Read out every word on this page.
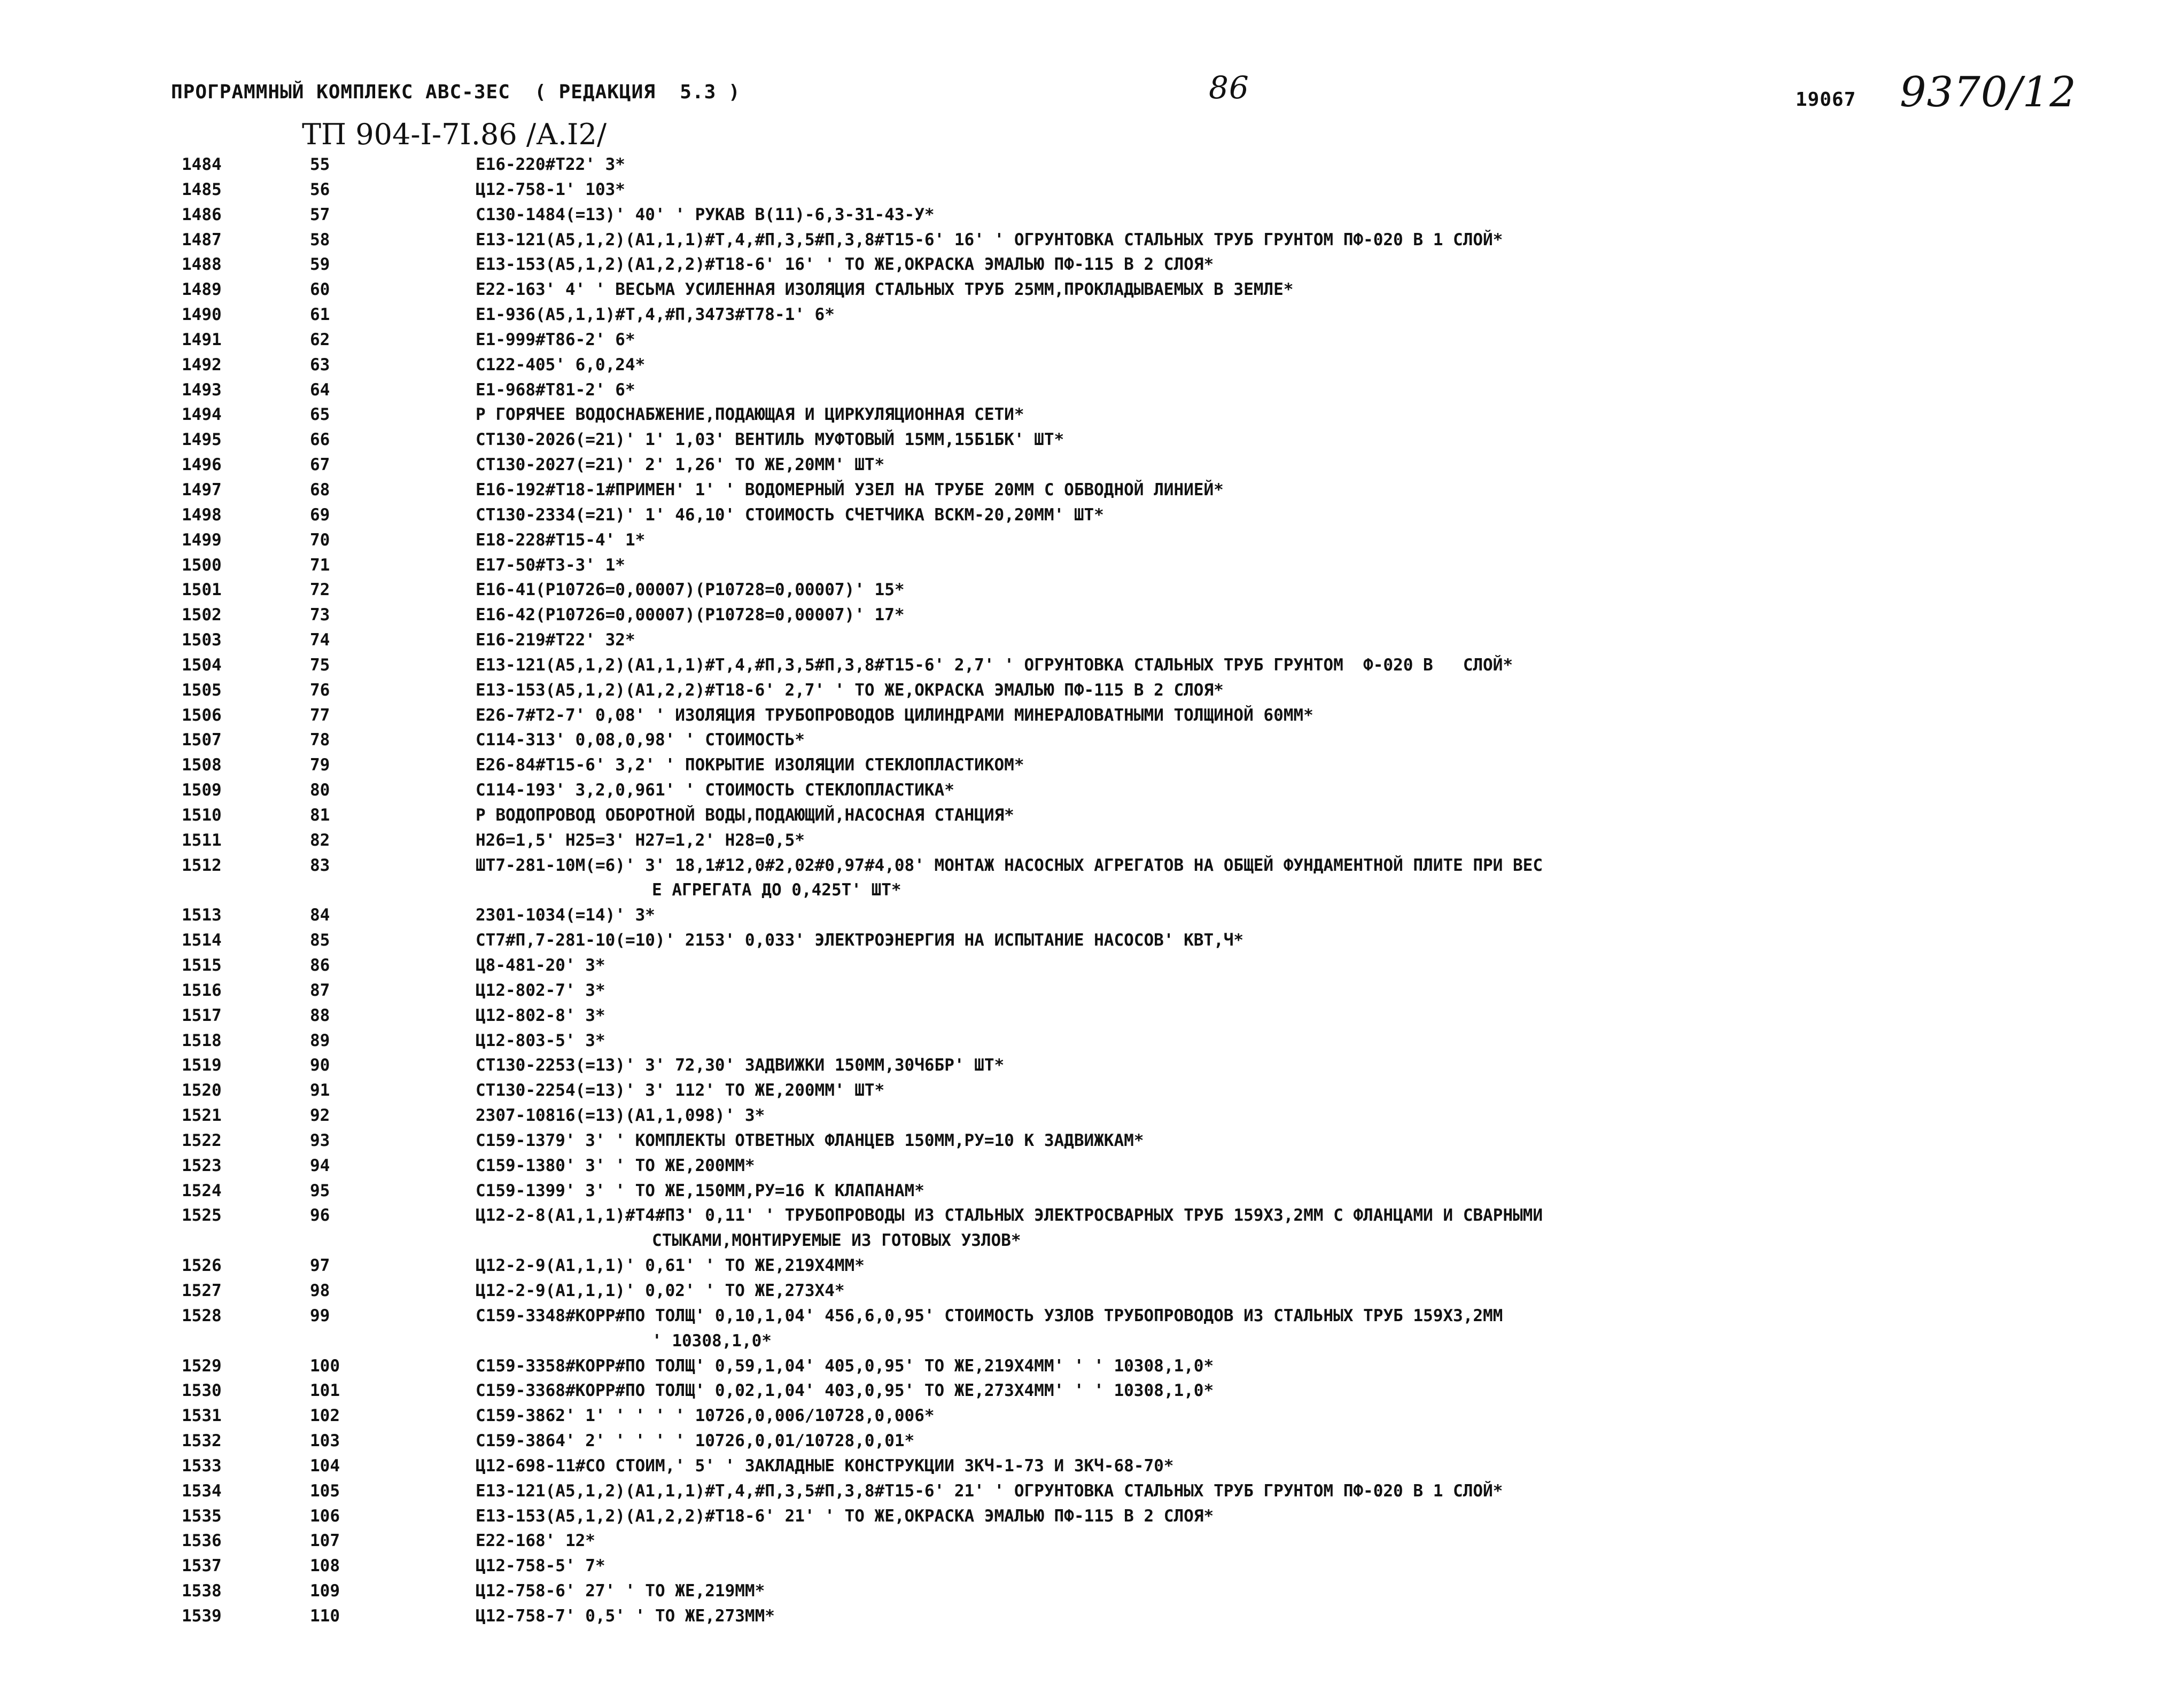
ПРОГРАММНЫЙ КОМПЛЕКС АВС-ЗЕС  ( РЕДАКЦИЯ  5.3 )	86	19067 9370/12
ТП 904-I-7I.86 /А.I2/
1484	55	Е16-220#Т22' 3*
1485	56	Ц12-758-1' 103*
1486	57	С130-1484(=13)' 40' ' РУКАВ В(11)-6,3-31-43-У*
1487	58	Е13-121(А5,1,2)(А1,1,1)#Т,4,#П,3,5#П,3,8#Т15-6' 16' ' ОГРУНТОВКА СТАЛЬНЫХ ТРУБ ГРУНТОМ ПФ-020 В 1 СЛОЙ*
1488	59	Е13-153(А5,1,2)(А1,2,2)#Т18-6' 16' ' ТО ЖЕ,ОКРАСКА ЭМАЛЬЮ ПФ-115 В 2 СЛОЯ*
1489	60	Е22-163' 4' ' ВЕСЬМА УСИЛЕННАЯ ИЗОЛЯЦИЯ СТАЛЬНЫХ ТРУБ 25ММ,ПРОКЛАДЫВАЕМЫХ В ЗЕМЛЕ*
1490	61	Е1-936(А5,1,1)#Т,4,#П,3473#Т78-1' 6*
1491	62	Е1-999#Т86-2' 6*
1492	63	С122-405' 6,0,24*
1493	64	Е1-968#Т81-2' 6*
1494	65	Р ГОРЯЧЕЕ ВОДОСНАБЖЕНИЕ,ПОДАЮЩАЯ И ЦИРКУЛЯЦИОННАЯ СЕТИ*
1495	66	СТ130-2026(=21)' 1' 1,03' ВЕНТИЛЬ МУФТОВЫЙ 15ММ,15Б1БК' ШТ*
1496	67	СТ130-2027(=21)' 2' 1,26' ТО ЖЕ,20ММ' ШТ*
1497	68	Е16-192#Т18-1#ПРИМЕН' 1' ' ВОДОМЕРНЫЙ УЗЕЛ НА ТРУБЕ 20ММ С ОБВОДНОЙ ЛИНИЕЙ*
1498	69	СТ130-2334(=21)' 1' 46,10' СТОИМОСТЬ СЧЕТЧИКА ВСКМ-20,20ММ' ШТ*
1499	70	Е18-228#Т15-4' 1*
1500	71	Е17-50#Т3-3' 1*
1501	72	Е16-41(Р10726=0,00007)(Р10728=0,00007)' 15*
1502	73	Е16-42(Р10726=0,00007)(Р10728=0,00007)' 17*
1503	74	Е16-219#Т22' 32*
1504	75	Е13-121(А5,1,2)(А1,1,1)#Т,4,#П,3,5#П,3,8#Т15-6' 2,7' ' ОГРУНТОВКА СТАЛЬНЫХ ТРУБ ГРУНТОМ  Ф-020 В   СЛОЙ*
1505	76	Е13-153(А5,1,2)(А1,2,2)#Т18-6' 2,7' ' ТО ЖЕ,ОКРАСКА ЭМАЛЬЮ ПФ-115 В 2 СЛОЯ*
1506	77	Е26-7#Т2-7' 0,08' ' ИЗОЛЯЦИЯ ТРУБОПРОВОДОВ ЦИЛИНДРАМИ МИНЕРАЛОВАТНЫМИ ТОЛЩИНОЙ 60ММ*
1507	78	С114-313' 0,08,0,98' ' СТОИМОСТЬ*
1508	79	Е26-84#Т15-6' 3,2' ' ПОКРЫТИЕ ИЗОЛЯЦИИ СТЕКЛОПЛАСТИКОМ*
1509	80	С114-193' 3,2,0,961' ' СТОИМОСТЬ СТЕКЛОПЛАСТИКА*
1510	81	Р ВОДОПРОВОД ОБОРОТНОЙ ВОДЫ,ПОДАЮЩИЙ,НАСОСНАЯ СТАНЦИЯ*
1511	82	Н26=1,5' Н25=3' Н27=1,2' Н28=0,5*
1512	83	ШТ7-281-10М(=6)' 3' 18,1#12,0#2,02#0,97#4,08' МОНТАЖ НАСОСНЫХ АГРЕГАТОВ НА ОБЩЕЙ ФУНДАМЕНТНОЙ ПЛИТЕ ПРИ ВЕС
Е АГРЕГАТА ДО 0,425Т' ШТ*
1513	84	2301-1034(=14)' 3*
1514	85	СТ7#П,7-281-10(=10)' 2153' 0,033' ЭЛЕКТРОЭНЕРГИЯ НА ИСПЫТАНИЕ НАСОСОВ' КВТ,Ч*
1515	86	Ц8-481-20' 3*
1516	87	Ц12-802-7' 3*
1517	88	Ц12-802-8' 3*
1518	89	Ц12-803-5' 3*
1519	90	СТ130-2253(=13)' 3' 72,30' ЗАДВИЖКИ 150ММ,30Ч6БР' ШТ*
1520	91	СТ130-2254(=13)' 3' 112' ТО ЖЕ,200ММ' ШТ*
1521	92	2307-10816(=13)(А1,1,098)' 3*
1522	93	С159-1379' 3' ' КОМПЛЕКТЫ ОТВЕТНЫХ ФЛАНЦЕВ 150ММ,РУ=10 К ЗАДВИЖКАМ*
1523	94	С159-1380' 3' ' ТО ЖЕ,200ММ*
1524	95	С159-1399' 3' ' ТО ЖЕ,150ММ,РУ=16 К КЛАПАНАМ*
1525	96	Ц12-2-8(А1,1,1)#Т4#П3' 0,11' ' ТРУБОПРОВОДЫ ИЗ СТАЛЬНЫХ ЭЛЕКТРОСВАРНЫХ ТРУБ 159Х3,2ММ С ФЛАНЦАМИ И СВАРНЫМИ
СТЫКАМИ,МОНТИРУЕМЫЕ ИЗ ГОТОВЫХ УЗЛОВ*
1526	97	Ц12-2-9(А1,1,1)' 0,61' ' ТО ЖЕ,219Х4ММ*
1527	98	Ц12-2-9(А1,1,1)' 0,02' ' ТО ЖЕ,273Х4*
1528	99	С159-3348#КОРР#ПО ТОЛЩ' 0,10,1,04' 456,6,0,95' СТОИМОСТЬ УЗЛОВ ТРУБОПРОВОДОВ ИЗ СТАЛЬНЫХ ТРУБ 159Х3,2ММ
' 10308,1,0*
1529	100	С159-3358#КОРР#ПО ТОЛЩ' 0,59,1,04' 405,0,95' ТО ЖЕ,219Х4ММ' ' ' 10308,1,0*
1530	101	С159-3368#КОРР#ПО ТОЛЩ' 0,02,1,04' 403,0,95' ТО ЖЕ,273Х4ММ' ' ' 10308,1,0*
1531	102	С159-3862' 1' ' ' ' ' 10726,0,006/10728,0,006*
1532	103	С159-3864' 2' ' ' ' ' 10726,0,01/10728,0,01*
1533	104	Ц12-698-11#СО СТОИМ,' 5' ' ЗАКЛАДНЫЕ КОНСТРУКЦИИ ЗКЧ-1-73 И ЗКЧ-68-70*
1534	105	Е13-121(А5,1,2)(А1,1,1)#Т,4,#П,3,5#П,3,8#Т15-6' 21' ' ОГРУНТОВКА СТАЛЬНЫХ ТРУБ ГРУНТОМ ПФ-020 В 1 СЛОЙ*
1535	106	Е13-153(А5,1,2)(А1,2,2)#Т18-6' 21' ' ТО ЖЕ,ОКРАСКА ЭМАЛЬЮ ПФ-115 В 2 СЛОЯ*
1536	107	Е22-168' 12*
1537	108	Ц12-758-5' 7*
1538	109	Ц12-758-6' 27' ' ТО ЖЕ,219ММ*
1539	110	Ц12-758-7' 0,5' ' ТО ЖЕ,273ММ*
